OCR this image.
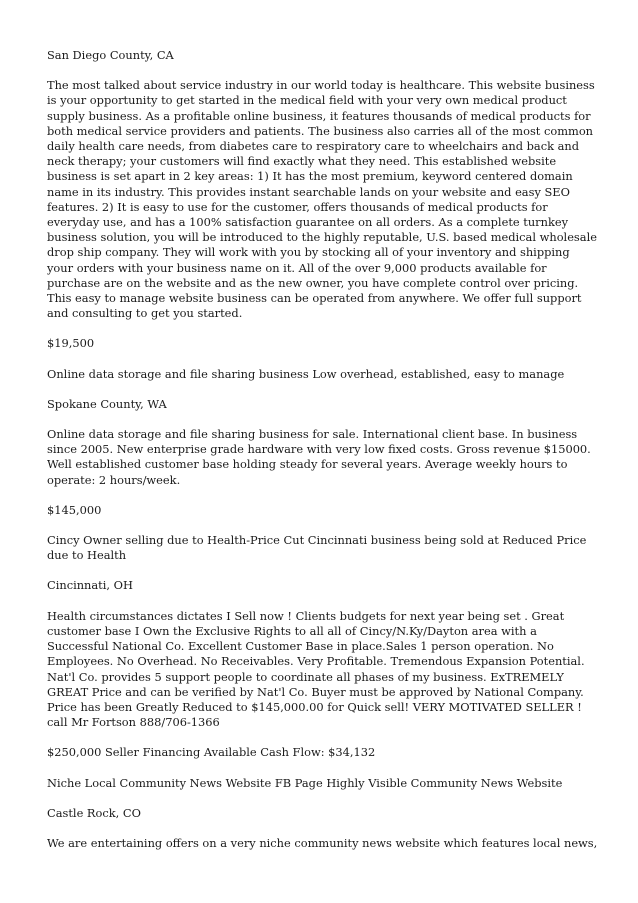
San Diego County, CA

The most talked about service industry in our world today is healthcare. This website business is your opportunity to get started in the medical field with your very own medical product supply business. As a profitable online business, it features thousands of medical products for both medical service providers and patients. The business also carries all of the most common daily health care needs, from diabetes care to respiratory care to wheelchairs and back and neck therapy; your customers will find exactly what they need. This established website business is set apart in 2 key areas: 1) It has the most premium, keyword centered domain name in its industry. This provides instant searchable lands on your website and easy SEO features. 2) It is easy to use for the customer, offers thousands of medical products for everyday use, and has a 100% satisfaction guarantee on all orders. As a complete turnkey business solution, you will be introduced to the highly reputable, U.S. based medical wholesale drop ship company. They will work with you by stocking all of your inventory and shipping your orders with your business name on it. All of the over 9,000 products available for purchase are on the website and as the new owner, you have complete control over pricing. This easy to manage website business can be operated from anywhere. We offer full support and consulting to get you started.

$19,500

Online data storage and file sharing business Low overhead, established, easy to manage

Spokane County, WA

Online data storage and file sharing business for sale. International client base. In business since 2005. New enterprise grade hardware with very low fixed costs. Gross revenue $15000. Well established customer base holding steady for several years. Average weekly hours to operate: 2 hours/week.

$145,000

Cincy Owner selling due to Health-Price Cut Cincinnati business being sold at Reduced Price due to Health

Cincinnati, OH

Health circumstances dictates I Sell now ! Clients budgets for next year being set . Great customer base I Own the Exclusive Rights to all all of Cincy/N.Ky/Dayton area with a Successful National Co. Excellent Customer Base in place.Sales 1 person operation. No Employees. No Overhead. No Receivables. Very Profitable. Tremendous Expansion Potential. Nat'l Co. provides 5 support people to coordinate all phases of my business. ExTREMELY GREAT Price and can be verified by Nat'l Co. Buyer must be approved by National Company. Price has been Greatly Reduced to $145,000.00 for Quick sell! VERY MOTIVATED SELLER ! call Mr Fortson 888/706-1366

$250,000 Seller Financing Available Cash Flow: $34,132

Niche Local Community News Website FB Page Highly Visible Community News Website

Castle Rock, CO

We are entertaining offers on a very niche community news website which features local news,
